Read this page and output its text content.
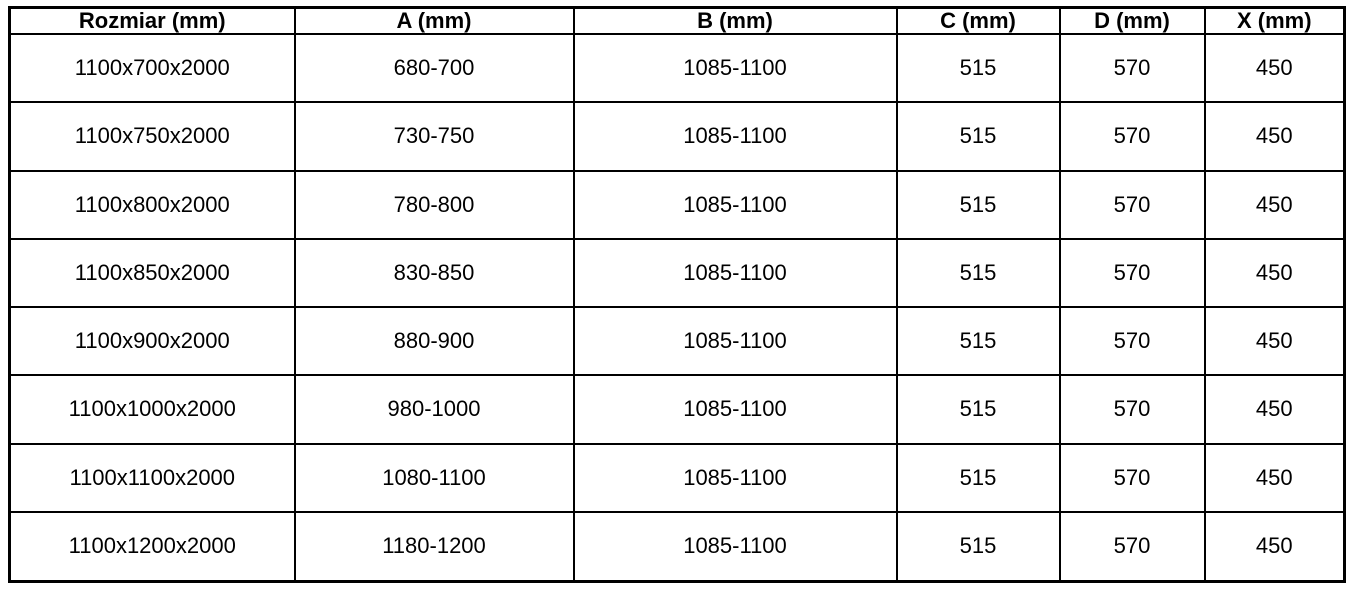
Rozmiar (mm)	A (mm)	B (mm)	C (mm)	D (mm)	X (mm)
1100x700x2000	680-700	1085-1100	515	570	450
1100x750x2000	730-750	1085-1100	515	570	450
1100x800x2000	780-800	1085-1100	515	570	450
1100x850x2000	830-850	1085-1100	515	570	450
1100x900x2000	880-900	1085-1100	515	570	450
1100x1000x2000	980-1000	1085-1100	515	570	450
1100x1100x2000	1080-1100	1085-1100	515	570	450
1100x1200x2000	1180-1200	1085-1100	515	570	450
